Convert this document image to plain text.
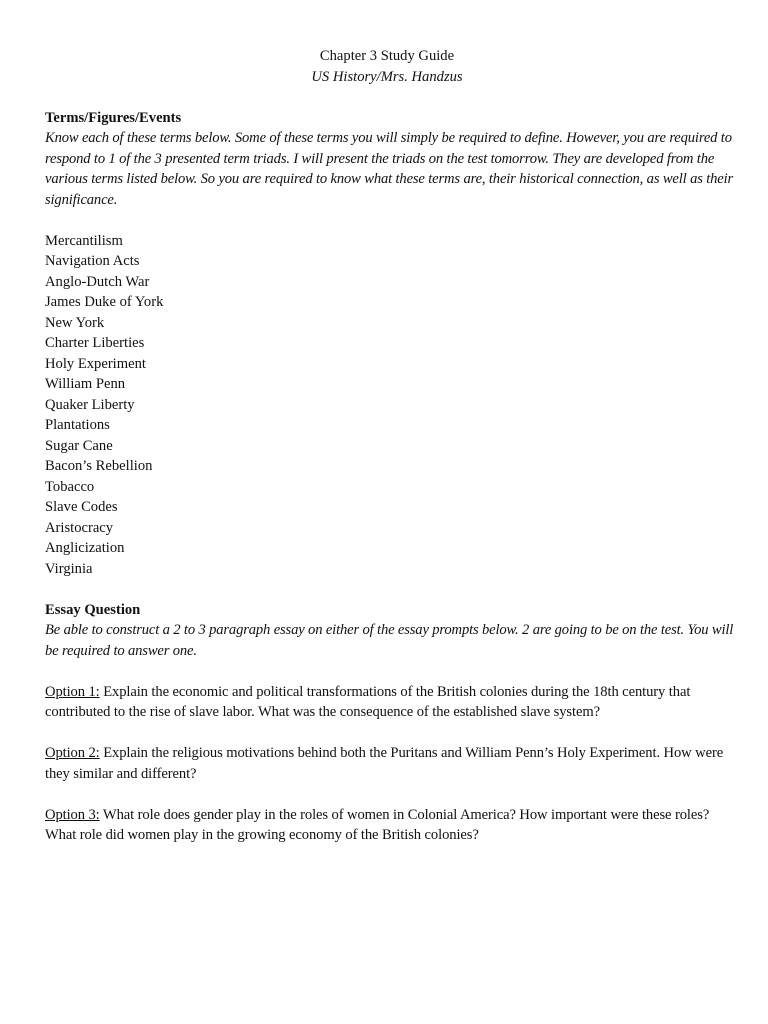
Chapter 3 Study Guide
US History/Mrs. Handzus
Terms/Figures/Events
Know each of these terms below. Some of these terms you will simply be required to define. However, you are required to respond to 1 of the 3 presented term triads. I will present the triads on the test tomorrow. They are developed from the various terms listed below. So you are required to know what these terms are, their historical connection, as well as their significance.
Mercantilism
Navigation Acts
Anglo-Dutch War
James Duke of York
New York
Charter Liberties
Holy Experiment
William Penn
Quaker Liberty
Plantations
Sugar Cane
Bacon’s Rebellion
Tobacco
Slave Codes
Aristocracy
Anglicization
Virginia
Essay Question
Be able to construct a 2 to 3 paragraph essay on either of the essay prompts below. 2 are going to be on the test. You will be required to answer one.
Option 1: Explain the economic and political transformations of the British colonies during the 18th century that contributed to the rise of slave labor. What was the consequence of the established slave system?
Option 2: Explain the religious motivations behind both the Puritans and William Penn’s Holy Experiment. How were they similar and different?
Option 3: What role does gender play in the roles of women in Colonial America? How important were these roles? What role did women play in the growing economy of the British colonies?
